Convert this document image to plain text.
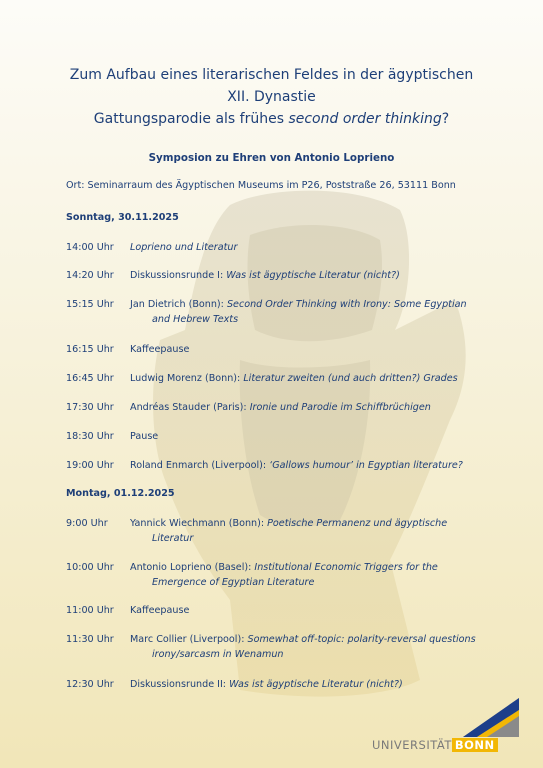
Zum Aufbau eines literarischen Feldes in der ägyptischen
XII. Dynastie
Gattungsparodie als frühes second order thinking?
Symposion zu Ehren von Antonio Loprieno
Ort: Seminarraum des Ägyptischen Museums im P26, Poststraße 26, 53111 Bonn
Sonntag, 30.11.2025
14:00 Uhr Loprieno und Literatur
14:20 Uhr Diskussionsrunde I: Was ist ägyptische Literatur (nicht?)
15:15 Uhr Jan Dietrich (Bonn): Second Order Thinking with Irony: Some Egyptian
and Hebrew Texts
16:15 Uhr Kaffeepause
16:45 Uhr Ludwig Morenz (Bonn): Literatur zweiten (und auch dritten?) Grades
17:30 Uhr Andréas Stauder (Paris): Ironie und Parodie im Schiffbrüchigen
18:30 Uhr Pause
19:00 Uhr Roland Enmarch (Liverpool): ‘Gallows humour’ in Egyptian literature?
Montag, 01.12.2025
9:00 Uhr Yannick Wiechmann (Bonn): Poetische Permanenz und ägyptische
Literatur
10:00 Uhr Antonio Loprieno (Basel): Institutional Economic Triggers for the
Emergence of Egyptian Literature
11:00 Uhr Kaffeepause
11:30 Uhr Marc Collier (Liverpool): Somewhat off-topic: polarity-reversal questions
irony/sarcasm in Wenamun
12:30 Uhr Diskussionsrunde II: Was ist ägyptische Literatur (nicht?)
UNIVERSITÄT BONN
